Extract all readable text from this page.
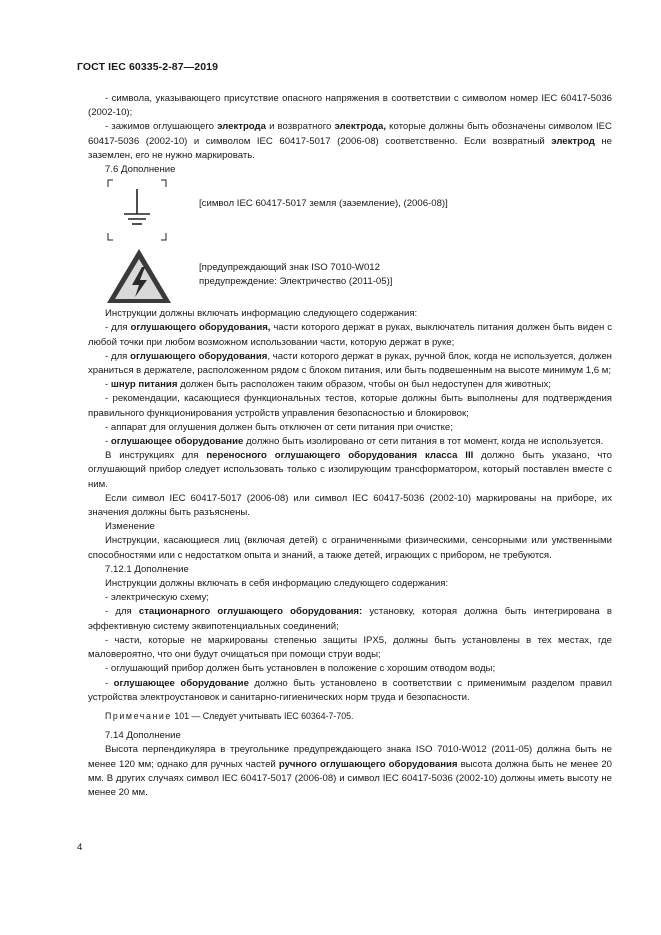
ГОСТ IEC 60335-2-87—2019

- символа, указывающего присутствие опасного напряжения в соответствии с символом номер IEC 60417-5036 (2002-10);

- зажимов оглушающего электрода и возвратного электрода, которые должны быть обозначены символом IEC 60417-5036 (2002-10) и символом IEC 60417-5017 (2006-08) соответственно. Если возвратный электрод не заземлен, его не нужно маркировать.

7.6 Дополнение

[символ IEC 60417-5017 земля (заземление), (2006-08)]
[предупреждающий знак ISO 7010-W012
предупреждение: Электричество (2011-05)]

Инструкции должны включать информацию следующего содержания:

- для оглушающего оборудования, части которого держат в руках, выключатель питания должен быть виден с любой точки при любом возможном использовании части, которую держат в руке;

- для оглушающего оборудования, части которого держат в руках, ручной блок, когда не используется, должен храниться в держателе, расположенном рядом с блоком питания, или быть подвешенным на высоте минимум 1,6 м;

- шнур питания должен быть расположен таким образом, чтобы он был недоступен для животных;

- рекомендации, касающиеся функциональных тестов, которые должны быть выполнены для подтверждения правильного функционирования устройств управления безопасностью и блокировок;

- аппарат для оглушения должен быть отключен от сети питания при очистке;

- оглушающее оборудование должно быть изолировано от сети питания в тот момент, когда не используется.

В инструкциях для переносного оглушающего оборудования класса III должно быть указано, что оглушающий прибор следует использовать только с изолирующим трансформатором, который поставлен вместе с ним.

Если символ IEC 60417-5017 (2006-08) или символ IEC 60417-5036 (2002-10) маркированы на приборе, их значения должны быть разъяснены.

Изменение

Инструкции, касающиеся лиц (включая детей) с ограниченными физическими, сенсорными или умственными способностями или с недостатком опыта и знаний, а также детей, играющих с прибором, не требуются.

7.12.1 Дополнение

Инструкции должны включать в себя информацию следующего содержания:

- электрическую схему;

- для стационарного оглушающего оборудования: установку, которая должна быть интегрирована в эффективную систему эквипотенциальных соединений;

- части, которые не маркированы степенью защиты IPX5, должны быть установлены в тех местах, где маловероятно, что они будут очищаться при помощи струи воды;

- оглушающий прибор должен быть установлен в положение с хорошим отводом воды;

- оглушающее оборудование должно быть установлено в соответствии с применимым разделом правил устройства электроустановок и санитарно-гигиенических норм труда и безопасности.

Примечание 101 — Следует учитывать IEC 60364-7-705.

7.14 Дополнение

Высота перпендикуляра в треугольнике предупреждающего знака ISO 7010-W012 (2011-05) должна быть не менее 120 мм; однако для ручных частей ручного оглушающего оборудования высота должна быть не менее 20 мм. В других случаях символ IEC 60417-5017 (2006-08) и символ IEC 60417-5036 (2002-10) должны иметь высоту не менее 20 мм.

4
